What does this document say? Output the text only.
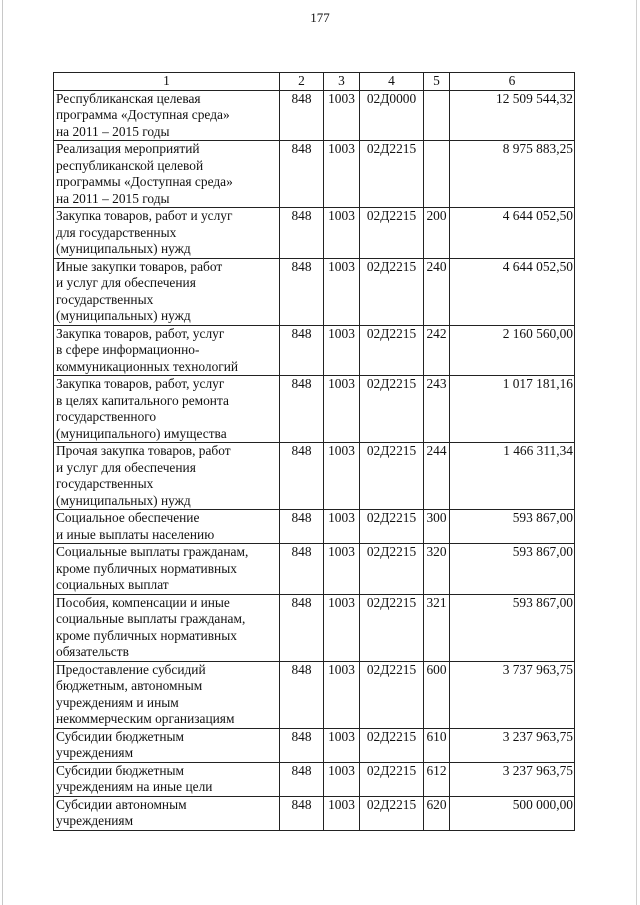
177
1	2	3	4	5	6
Республиканская целевая
программа «Доступная среда»
на 2011 – 2015 годы	848	1003	02Д0000		12 509 544,32
Реализация мероприятий
республиканской целевой
программы «Доступная среда»
на 2011 – 2015 годы	848	1003	02Д2215		8 975 883,25
Закупка товаров, работ и услуг
для государственных
(муниципальных) нужд	848	1003	02Д2215	200	4 644 052,50
Иные закупки товаров, работ
и услуг для обеспечения
государственных
(муниципальных) нужд	848	1003	02Д2215	240	4 644 052,50
Закупка товаров, работ, услуг
в сфере информационно-
коммуникационных технологий	848	1003	02Д2215	242	2 160 560,00
Закупка товаров, работ, услуг
в целях капитального ремонта
государственного
(муниципального) имущества	848	1003	02Д2215	243	1 017 181,16
Прочая закупка товаров, работ
и услуг для обеспечения
государственных
(муниципальных) нужд	848	1003	02Д2215	244	1 466 311,34
Социальное обеспечение
и иные выплаты населению	848	1003	02Д2215	300	593 867,00
Социальные выплаты гражданам,
кроме публичных нормативных
социальных выплат	848	1003	02Д2215	320	593 867,00
Пособия, компенсации и иные
социальные выплаты гражданам,
кроме публичных нормативных
обязательств	848	1003	02Д2215	321	593 867,00
Предоставление субсидий
бюджетным, автономным
учреждениям и иным
некоммерческим организациям	848	1003	02Д2215	600	3 737 963,75
Субсидии бюджетным
учреждениям	848	1003	02Д2215	610	3 237 963,75
Субсидии бюджетным
учреждениям на иные цели	848	1003	02Д2215	612	3 237 963,75
Субсидии автономным
учреждениям	848	1003	02Д2215	620	500 000,00
